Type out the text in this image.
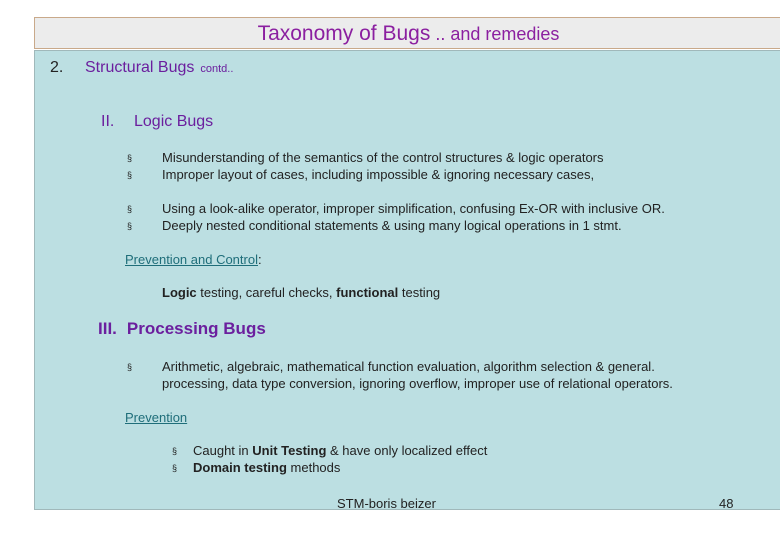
Taxonomy of Bugs .. and remedies
2. Structural Bugs contd..
II. Logic Bugs
§ Misunderstanding of the semantics of the control structures & logic operators
§ Improper layout of cases, including impossible & ignoring necessary cases,
§ Using a look-alike operator, improper simplification, confusing Ex-OR with inclusive OR.
§ Deeply nested conditional statements & using many logical operations in 1 stmt.
Prevention and Control:
Logic testing, careful checks, functional testing
III. Processing Bugs
§ Arithmetic, algebraic, mathematical function evaluation, algorithm selection & general.
processing, data type conversion, ignoring overflow, improper use of relational operators.
Prevention
§ Caught in Unit Testing & have only localized effect
§ Domain testing methods
STM-boris beizer	48
